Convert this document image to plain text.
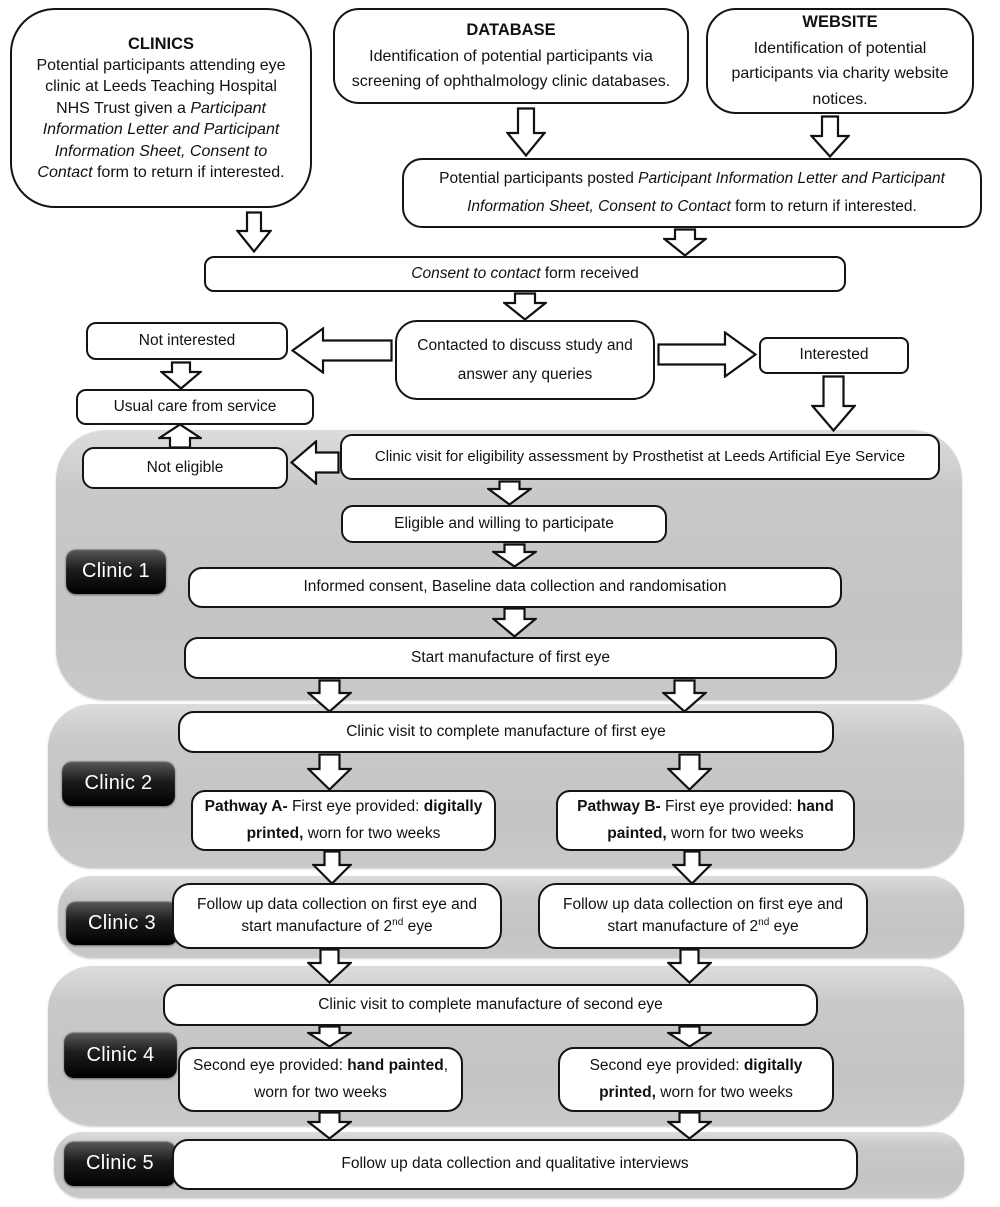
CLINICS
Potential participants attending eye clinic at Leeds Teaching Hospital NHS Trust given a Participant Information Letter and Participant Information Sheet, Consent to Contact form to return if interested.
DATABASE
Identification of potential participants via screening of ophthalmology clinic databases.
WEBSITE
Identification of potential participants via charity website notices.
Potential participants posted Participant Information Letter and Participant Information Sheet, Consent to Contact form to return if interested.
Consent to contact form received
Contacted to discuss study and answer any queries
Not interested
Usual care from service
Interested
Not eligible
Clinic visit for eligibility assessment by Prosthetist at Leeds Artificial Eye Service
Eligible and willing to participate
Clinic 1
Informed consent, Baseline data collection and randomisation
Start manufacture of first eye
Clinic visit to complete manufacture of first eye
Clinic 2
Pathway A- First eye provided: digitally printed, worn for two weeks
Pathway B- First eye provided: hand painted, worn for two weeks
Clinic 3
Follow up data collection on first eye and start manufacture of 2nd eye
Follow up data collection on first eye and start manufacture of 2nd eye
Clinic visit to complete manufacture of second eye
Clinic 4
Second eye provided: hand painted, worn for two weeks
Second eye provided: digitally printed, worn for two weeks
Clinic 5	Follow up data collection and qualitative interviews
